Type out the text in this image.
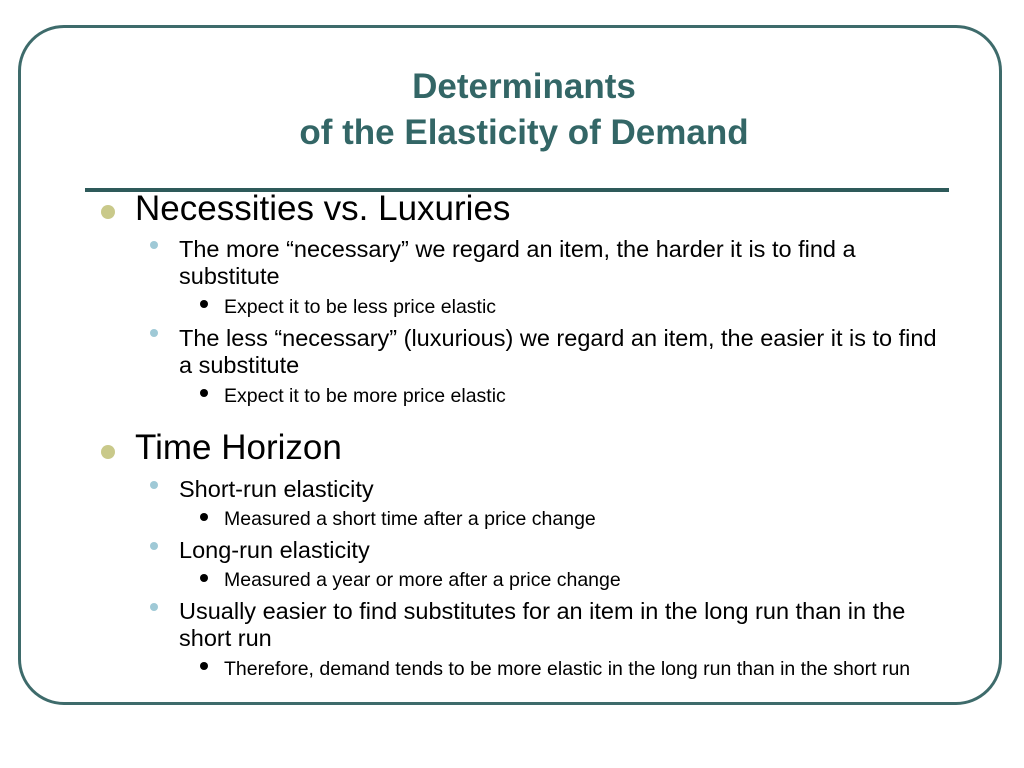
Determinants
of the Elasticity of Demand
Necessities vs. Luxuries
The more “necessary” we regard an item, the harder it is to find a substitute
Expect it to be less price elastic
The less “necessary” (luxurious) we regard an item, the easier it is to find a substitute
Expect it to be more price elastic
Time Horizon
Short-run elasticity
Measured a short time after a price change
Long-run elasticity
Measured a year or more after a price change
Usually easier to find substitutes for an item in the long run than in the short run
Therefore, demand tends to be more elastic in the long run than in the short run
